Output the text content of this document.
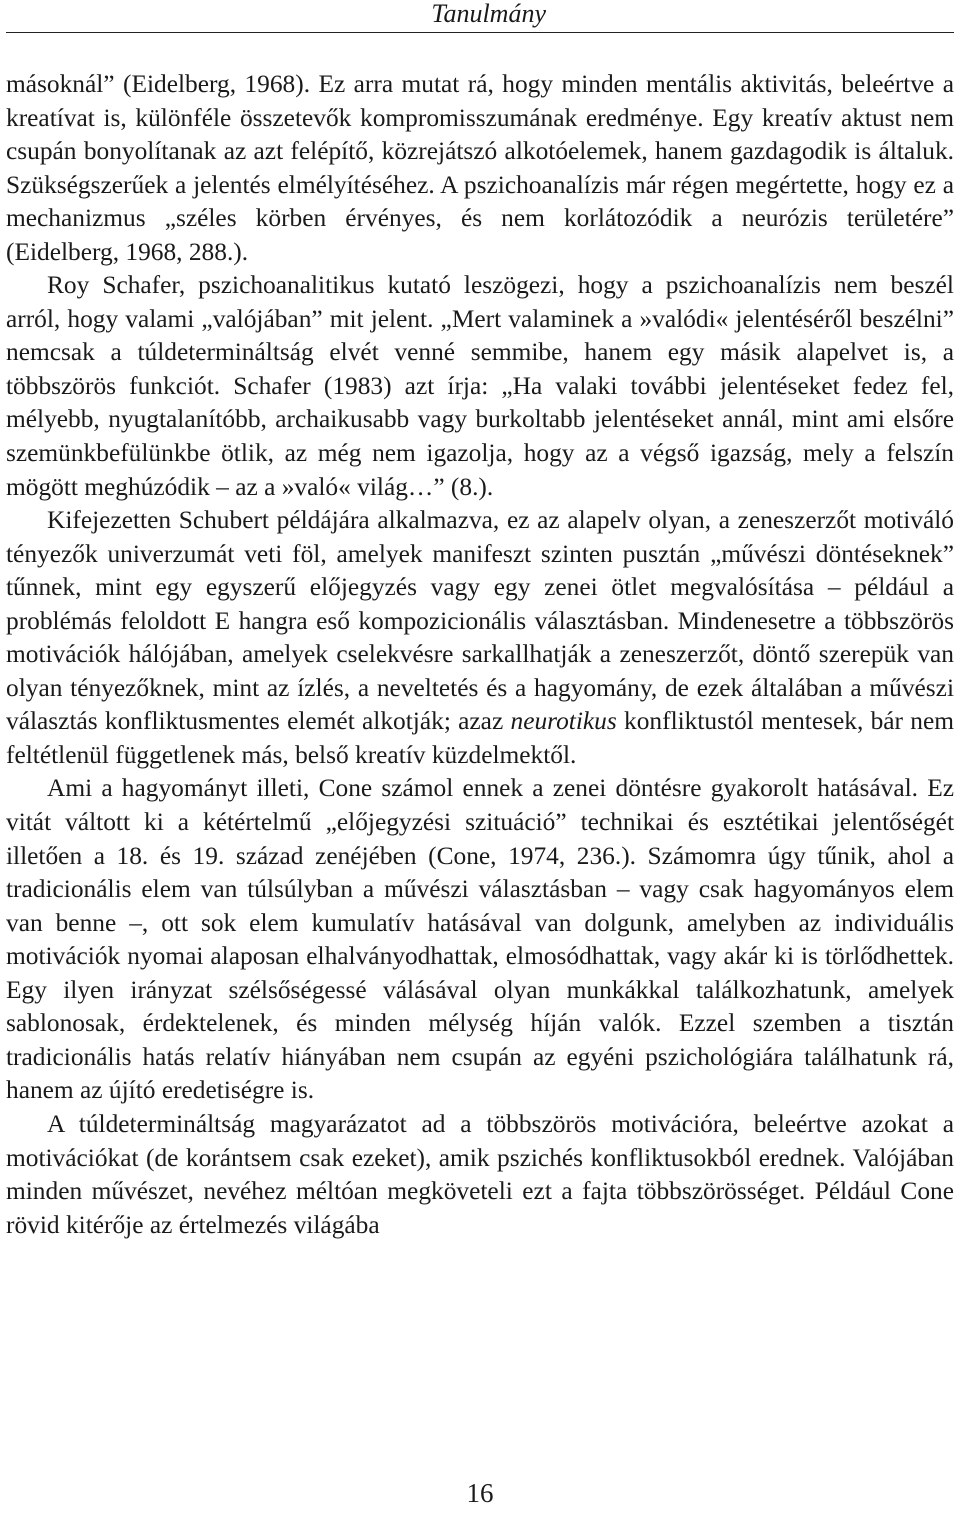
Tanulmány

másoknál” (Eidelberg, 1968). Ez arra mutat rá, hogy minden mentális aktivitás, beleértve a kreatívat is, különféle összetevők kompromisszumának eredménye. Egy kreatív aktust nem csupán bonyolítanak az azt felépítő, közrejátszó alkotóelemek, hanem gazdagodik is általuk. Szükségszerűek a jelentés elmélyítéséhez. A pszichoanalízis már régen megértette, hogy ez a mechanizmus „széles körben érvényes, és nem korlátozódik a neurózis területére” (Eidelberg, 1968, 288.).

Roy Schafer, pszichoanalitikus kutató leszögezi, hogy a pszichoanalízis nem beszél arról, hogy valami „valójában” mit jelent. „Mert valaminek a »valódi« jelentéséről beszélni” nemcsak a túldetermináltság elvét venné semmibe, hanem egy másik alapelvet is, a többszörös funkciót. Schafer (1983) azt írja: „Ha valaki további jelentéseket fedez fel, mélyebb, nyugtalanítóbb, archaikusabb vagy burkoltabb jelentéseket annál, mint ami elsőre szemünkbefülünkbe ötlik, az még nem igazolja, hogy az a végső igazság, mely a felszín mögött meghúzódik – az a »való« világ…” (8.).

Kifejezetten Schubert példájára alkalmazva, ez az alapelv olyan, a zeneszerzőt motiváló tényezők univerzumát veti föl, amelyek manifeszt szinten pusztán „művészi döntéseknek” tűnnek, mint egy egyszerű előjegyzés vagy egy zenei ötlet megvalósítása – például a problémás feloldott E hangra eső kompozicionális választásban. Mindenesetre a többszörös motivációk hálójában, amelyek cselekvésre sarkallhatják a zeneszerzőt, döntő szerepük van olyan tényezőknek, mint az ízlés, a neveltetés és a hagyomány, de ezek általában a művészi választás konfliktusmentes elemét alkotják; azaz neurotikus konfliktustól mentesek, bár nem feltétlenül függetlenek más, belső kreatív küzdelmektől.

Ami a hagyományt illeti, Cone számol ennek a zenei döntésre gyakorolt hatásával. Ez vitát váltott ki a kétértelmű „előjegyzési szituáció” technikai és esztétikai jelentőségét illetően a 18. és 19. század zenéjében (Cone, 1974, 236.). Számomra úgy tűnik, ahol a tradicionális elem van túlsúlyban a művészi választásban – vagy csak hagyományos elem van benne –, ott sok elem kumulatív hatásával van dolgunk, amelyben az individuális motivációk nyomai alaposan elhalványodhattak, elmosódhattak, vagy akár ki is törlődhettek. Egy ilyen irányzat szélsőségessé válásával olyan munkákkal találkozhatunk, amelyek sablonosak, érdektelenek, és minden mélység híján valók. Ezzel szemben a tisztán tradicionális hatás relatív hiányában nem csupán az egyéni pszichológiára találhatunk rá, hanem az újító eredetiségre is.

A túldetermináltság magyarázatot ad a többszörös motivációra, beleértve azokat a motivációkat (de korántsem csak ezeket), amik pszichés konfliktusokból erednek. Valójában minden művészet, nevéhez méltóan megköveteli ezt a fajta többszörösséget. Például Cone rövid kitérője az értelmezés világába

16
